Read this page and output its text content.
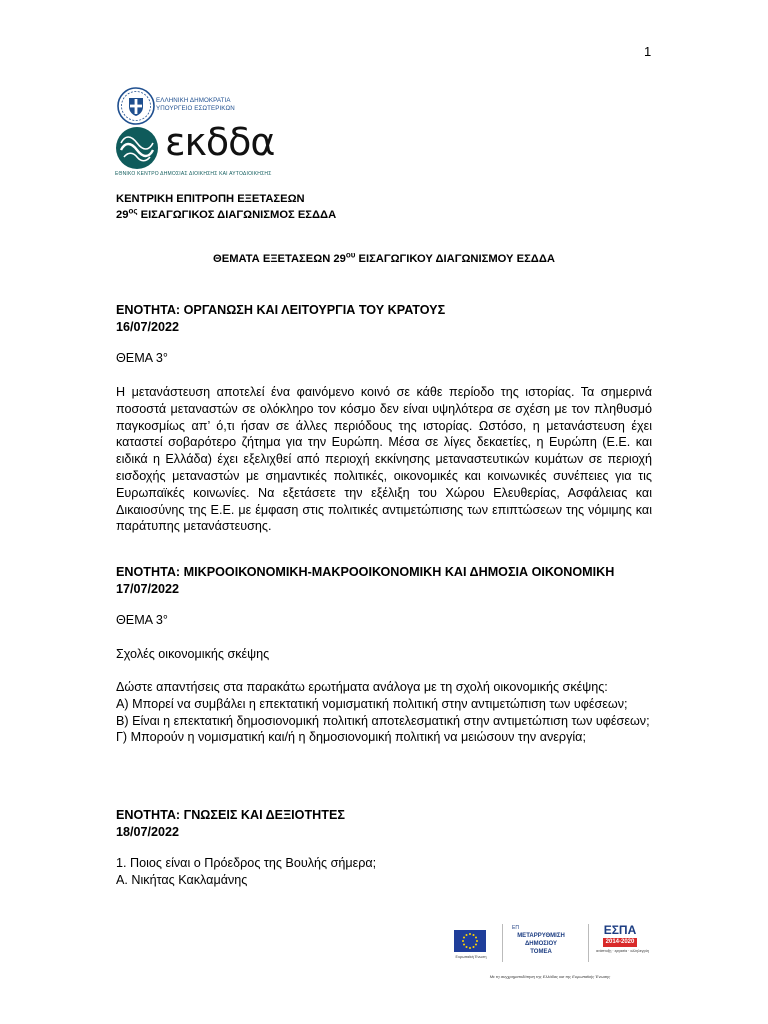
1
ΕΛΛΗΝΙΚΗ ΔΗΜΟΚΡΑΤΙΑ
ΥΠΟΥΡΓΕΙΟ ΕΣΩΤΕΡΙΚΩΝ
εκδδα
ΕΘΝΙΚΟ ΚΕΝΤΡΟ ΔΗΜΟΣΙΑΣ ΔΙΟΙΚΗΣΗΣ ΚΑΙ ΑΥΤΟΔΙΟΙΚΗΣΗΣ
ΚΕΝΤΡΙΚΗ ΕΠΙΤΡΟΠΗ ΕΞΕΤΑΣΕΩΝ
$29^{o\varsigma}$ ΕΙΣΑΓΩΓΙΚΟΣ ΔΙΑΓΩΝΙΣΜΟΣ ΕΣΔΔΑ
ΘΕΜΑΤΑ ΕΞΕΤΑΣΕΩΝ $29^{o\upsilon}$ ΕΙΣΑΓΩΓΙΚΟΥ ΔΙΑΓΩΝΙΣΜΟΥ ΕΣΔΔΑ
ΕΝΟΤΗΤΑ: ΟΡΓΑΝΩΣΗ ΚΑΙ ΛΕΙΤΟΥΡΓΙΑ ΤΟΥ ΚΡΑΤΟΥΣ
16/07/2022
ΘΕΜΑ 3°
Η μετανάστευση αποτελεί ένα φαινόμενο κοινό σε κάθε περίοδο της ιστορίας. Τα σημερινά ποσοστά μεταναστών σε ολόκληρο τον κόσμο δεν είναι υψηλότερα σε σχέση με τον πληθυσμό παγκοσμίως απ’ ό,τι ήσαν σε άλλες περιόδους της ιστορίας. Ωστόσο, η μετανάστευση έχει καταστεί σοβαρότερο ζήτημα για την Ευρώπη. Μέσα σε λίγες δεκαετίες, η Ευρώπη (Ε.Ε. και ειδικά η Ελλάδα) έχει εξελιχθεί από περιοχή εκκίνησης μεταναστευτικών κυμάτων σε περιοχή εισδοχής μεταναστών με σημαντικές πολιτικές, οικονομικές και κοινωνικές συνέπειες για τις Ευρωπαϊκές κοινωνίες. Να εξετάσετε την εξέλιξη του Χώρου Ελευθερίας, Ασφάλειας και Δικαιοσύνης της Ε.Ε. με έμφαση στις πολιτικές αντιμετώπισης των επιπτώσεων της νόμιμης και παράτυπης μετανάστευσης.
ΕΝΟΤΗΤΑ: ΜΙΚΡΟΟΙΚΟΝΟΜΙΚΗ-ΜΑΚΡΟΟΙΚΟΝΟΜΙΚΗ ΚΑΙ ΔΗΜΟΣΙΑ ΟΙΚΟΝΟΜΙΚΗ
17/07/2022
ΘΕΜΑ 3°
Σχολές οικονομικής σκέψης
Δώστε απαντήσεις στα παρακάτω ερωτήματα ανάλογα με τη σχολή οικονομικής σκέψης:
Α) Μπορεί να συμβάλει η επεκτατική νομισματική πολιτική στην αντιμετώπιση των υφέσεων;
Β) Είναι η επεκτατική δημοσιονομική πολιτική αποτελεσματική στην αντιμετώπιση των υφέσεων;
Γ) Μπορούν η νομισματική και/ή η δημοσιονομική πολιτική να μειώσουν την ανεργία;
ΕΝΟΤΗΤΑ: ΓΝΩΣΕΙΣ ΚΑΙ ΔΕΞΙΟΤΗΤΕΣ
18/07/2022
1. Ποιος είναι ο Πρόεδρος της Βουλής σήμερα;
Α. Νικήτας Κακλαμάνης
Ευρωπαϊκή Ένωση
ΕΠ
ΜΕΤΑΡΡΥΘΜΙΣΗ
ΔΗΜΟΣΙΟΥ
ΤΟΜΕΑ
ΕΣΠΑ
2014-2020
ανάπτυξη · εργασία · αλληλεγγύη
Με τη συγχρηματοδότηση της Ελλάδας και της Ευρωπαϊκής Ένωσης
